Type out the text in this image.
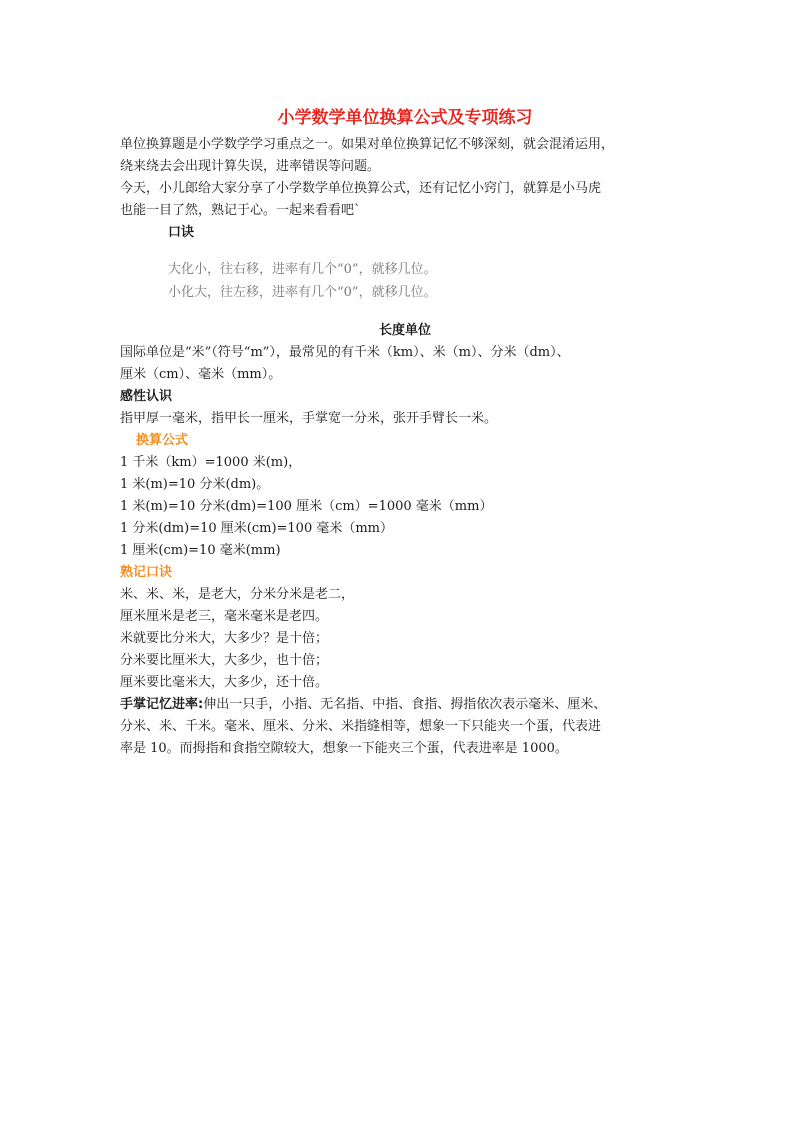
小学数学单位换算公式及专项练习

单位换算题是小学数学学习重点之一。如果对单位换算记忆不够深刻，就会混淆运用，

绕来绕去会出现计算失误，进率错误等问题。

今天，小儿郎给大家分享了小学数学单位换算公式，还有记忆小窍门，就算是小马虎

也能一目了然，熟记于心。一起来看看吧`

口诀

大化小，往右移，进率有几个“0”，就移几位。

小化大，往左移，进率有几个“0”，就移几位。

长度单位

国际单位是“米”（符号“m”），最常见的有千米（km）、米（m）、分米（dm）、

厘米（cm）、毫米（mm）。

感性认识

指甲厚一毫米，指甲长一厘米，手掌宽一分米，张开手臂长一米。

换算公式

1 千米（km）=1000 米(m)，

1 米(m)=10 分米(dm)。

1 米(m)=10 分米(dm)=100 厘米（cm）=1000 毫米（mm）

1 分米(dm)=10 厘米(cm)=100 毫米（mm）

1 厘米(cm)=10 毫米(mm)

熟记口诀

米、米、米，是老大，分米分米是老二，

厘米厘米是老三，毫米毫米是老四。

米就要比分米大，大多少？是十倍；

分米要比厘米大，大多少，也十倍；

厘米要比毫米大，大多少，还十倍。

手掌记忆进率:伸出一只手，小指、无名指、中指、食指、拇指依次表示毫米、厘米、

分米、米、千米。毫米、厘米、分米、米指缝相等，想象一下只能夹一个蛋，代表进

率是 10。而拇指和食指空隙较大，想象一下能夹三个蛋，代表进率是 1000。
